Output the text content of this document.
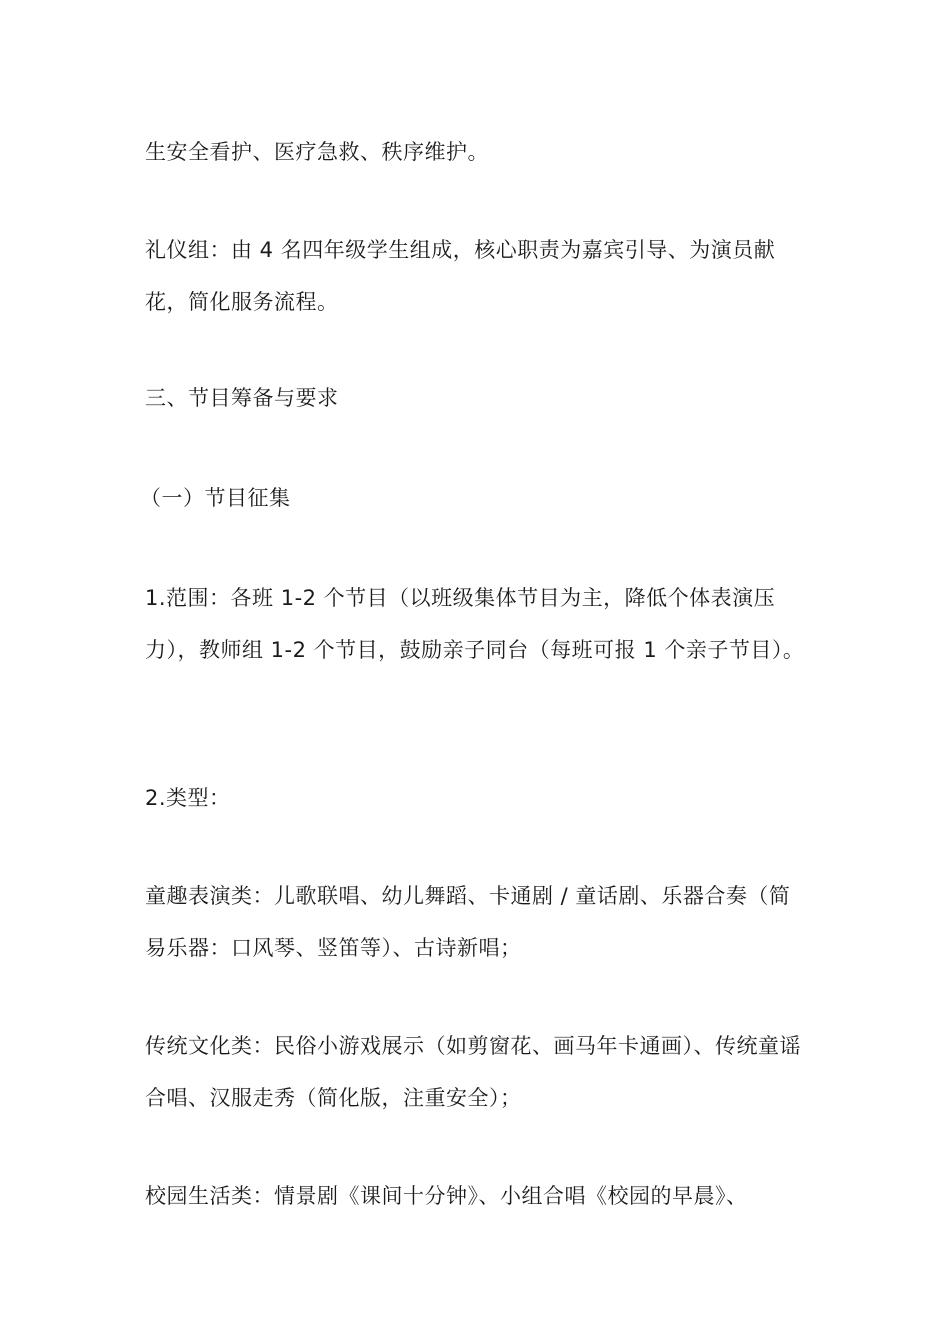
生安全看护、医疗急救、秩序维护。

礼仪组：由 4 名四年级学生组成，核心职责为嘉宾引导、为演员献花，简化服务流程。

三、节目筹备与要求

（一）节目征集

1.范围：各班 1-2 个节目（以班级集体节目为主，降低个体表演压力），教师组 1-2 个节目，鼓励亲子同台（每班可报 1 个亲子节目）。

2.类型：

童趣表演类：儿歌联唱、幼儿舞蹈、卡通剧 / 童话剧、乐器合奏（简易乐器：口风琴、竖笛等）、古诗新唱；

传统文化类：民俗小游戏展示（如剪窗花、画马年卡通画）、传统童谣合唱、汉服走秀（简化版，注重安全）；

校园生活类：情景剧《课间十分钟》、小组合唱《校园的早晨》、
